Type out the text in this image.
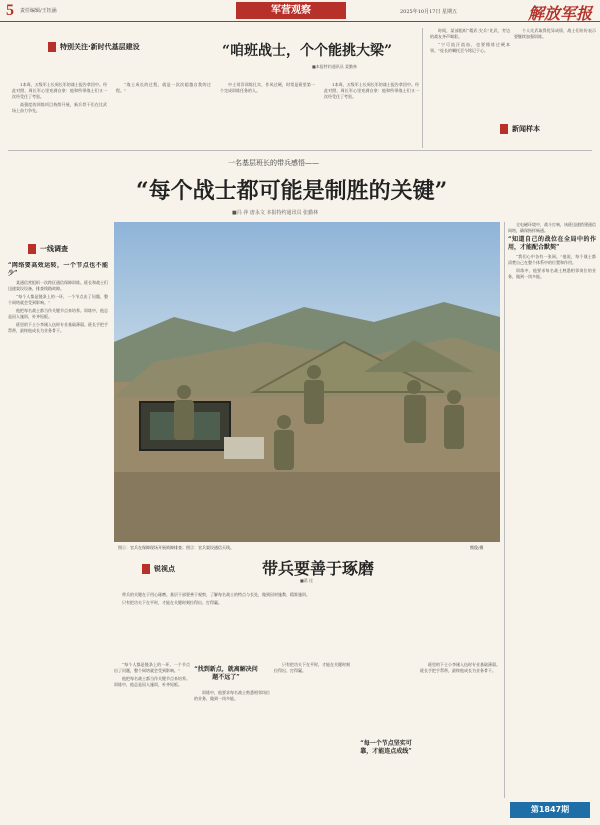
5 责任编辑/王钰涵	军营观察	2025年10月17日 星期五	解放军报
特别关注·新时代基层建设	“咱班战士，个个能挑大梁”
■本报特约通讯员 姜勤林

1本周，五级军士长周长军的战士报告拿回中。经此对照，周长军心里充满自豪：他和所带战士们又一次经受住了考验。

高强度的训练项目持续开展，新兵骨干们在比武场上奋力争先。

“战士成长的过程，就是一次次超越自我的过程。”

中士刘洋训练扎实，作风过硬，时常是班里第一个完成训练任务的人。

1本周，五级军士长周长军的战士报告拿回中。经此对照，周长军心里充满自豪：他和所带战士们又一次经受住了考验。

时间，某部组织“精武·尖兵”比武，旁边的战友齐声喝彩。

“宁可流汗流血，也要锤炼过硬本领。”连长的嘱托至今铭记于心。

个人比武取得优异成绩，战士们纷纷表示要继续加强训练。

新闻样本
一名基层班长的带兵感悟——
“每个战士都可能是制胜的关键”
■冯 萍 唐永文 本报特约通讯员 张勤林
一线调查

“网络要高效运转，一个节点也不能少”

某通信营组织一次跨区通信保障训练。班长和战士们迅速架设设备，排查线路故障。

“每个人都是链条上的一环，一个节点出了问题，整个网络就会受到影响。”

他把每名战士都当作关键节点来培养。训练中，他总是因人施训，补齐短板。

班里的下士小李刚入伍时专业基础薄弱。班长手把手帮带，最终他成长为业务骨干。

图①：官兵在保障现场开展故障排查；图②：官兵架设通信天线。	熊俊/摄

全电磁环境中，战斗打响，该班迅速搭建通信网络，确保指挥畅通。

“知道自己的战位在全局中的作用，才能配合默契”

“我们心中各有一张网。”他说，每个战士都清楚自己在整个体系中的位置和作用。

训练中，他要求每名战士熟悉相邻岗位的业务，做到一岗多能。

锐视点	带兵要善于琢磨
■葛 佳

带兵的关键在于用心琢磨。基层干部要善于观察，了解每名战士的特点与长处，做到因材施教、精准施训。

只有把功夫下在平时，才能在关键时刻拉得出、打得赢。

“找到新点，就离解决问题不远了”

“每个人都是链条上的一环，一个节点出了问题，整个网络就会受到影响。”

他把每名战士都当作关键节点来培养。训练中，他总是因人施训，补齐短板。

训练中，他要求每名战士熟悉相邻岗位的业务，做到一岗多能。

只有把功夫下在平时，才能在关键时刻拉得出、打得赢。

“每一个节点坚实可靠，才能连点成线”

班里的下士小李刚入伍时专业基础薄弱。班长手把手帮带，最终他成长为业务骨干。

第1847期
